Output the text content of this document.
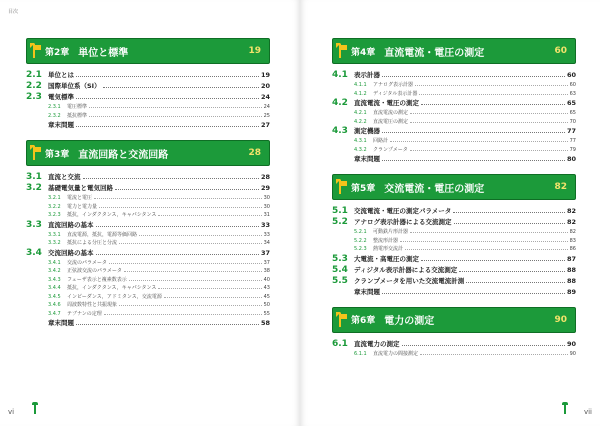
目次
第2章 単位と標準	19
2.1 単位とは	19
2.2 国際単位系（SI）	20
2.3 電気標準	24
2.3.1	電圧標準	24
2.3.2	抵抗標準	25
章末問題	27
第3章 直流回路と交流回路	28
3.1 直流と交流	28
3.2 基礎電気量と電気回路	29
3.2.1	電流と電圧	30
3.2.2	電力と電力量	30
3.2.3	抵抗，インダクタンス，キャパシタンス	31
3.3 直流回路の基本	33
3.3.1	直流電源，抵抗，電源等価回路	33
3.3.2	抵抗による分圧と分流	34
3.4 交流回路の基本	37
3.4.1	交流のパラメータ	37
3.4.2	正弦波交流のパラメータ	38
3.4.3	フェーザ表示と複素数表示	40
3.4.4	抵抗，インダクタンス，キャパシタンス	43
3.4.5	インピーダンス，アドミタンス，交流電源	45
3.4.6	周波数特性と共振現象	50
3.4.7	テブナンの定理	55
章末問題	58
vi
第4章 直流電流・電圧の測定	60
4.1 表示計器	60
4.1.1	アナログ表示計器	60
4.1.2	ディジタル表示計器	63
4.2 直流電流・電圧の測定	65
4.2.1	直流電流の測定	65
4.2.2	直流電圧の測定	70
4.3 測定機器	77
4.3.1	回路計	77
4.3.2	クランプメータ	79
章末問題	80
第5章 交流電流・電圧の測定	82
5.1 交流電流・電圧の測定パラメータ	82
5.2 アナログ表示計器による交流測定	82
5.2.1	可動鉄片形計器	82
5.2.2	整流形計器	83
5.2.3	熱電形交流計	86
5.3 大電流・高電圧の測定	87
5.4 ディジタル表示計器による交流測定	88
5.5 クランプメータを用いた交流電流計測	88
章末問題	89
第6章 電力の測定	90
6.1 直流電力の測定	90
6.1.1	直流電力の間接測定	90
vii
